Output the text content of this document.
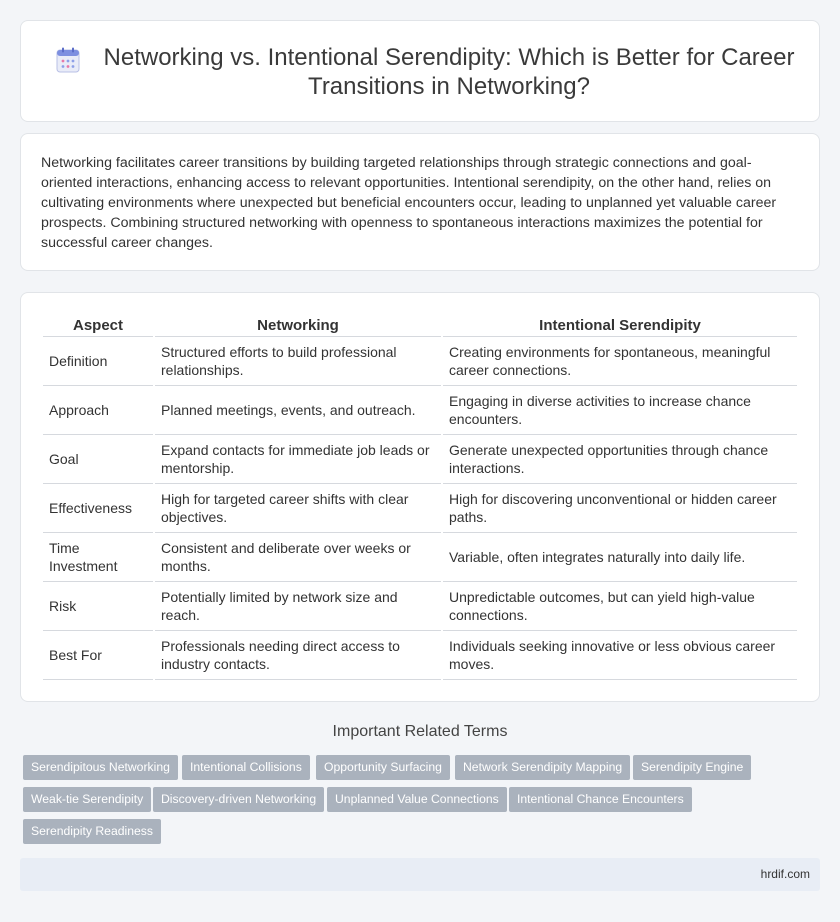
Networking vs. Intentional Serendipity: Which is Better for Career Transitions in Networking?

Networking facilitates career transitions by building targeted relationships through strategic connections and goal-oriented interactions, enhancing access to relevant opportunities. Intentional serendipity, on the other hand, relies on cultivating environments where unexpected but beneficial encounters occur, leading to unplanned yet valuable career prospects. Combining structured networking with openness to spontaneous interactions maximizes the potential for successful career changes.

Aspect	Networking	Intentional Serendipity
Definition	Structured efforts to build professional relationships.	Creating environments for spontaneous, meaningful career connections.
Approach	Planned meetings, events, and outreach.	Engaging in diverse activities to increase chance encounters.
Goal	Expand contacts for immediate job leads or mentorship.	Generate unexpected opportunities through chance interactions.
Effectiveness	High for targeted career shifts with clear objectives.	High for discovering unconventional or hidden career paths.
Time Investment	Consistent and deliberate over weeks or months.	Variable, often integrates naturally into daily life.
Risk	Potentially limited by network size and reach.	Unpredictable outcomes, but can yield high-value connections.
Best For	Professionals needing direct access to industry contacts.	Individuals seeking innovative or less obvious career moves.
Important Related Terms
Serendipitous Networking	Intentional Collisions	Opportunity Surfacing	Network Serendipity Mapping	Serendipity Engine
Weak-tie Serendipity	Discovery-driven Networking	Unplanned Value Connections	Intentional Chance Encounters
Serendipity Readiness
hrdif.com
